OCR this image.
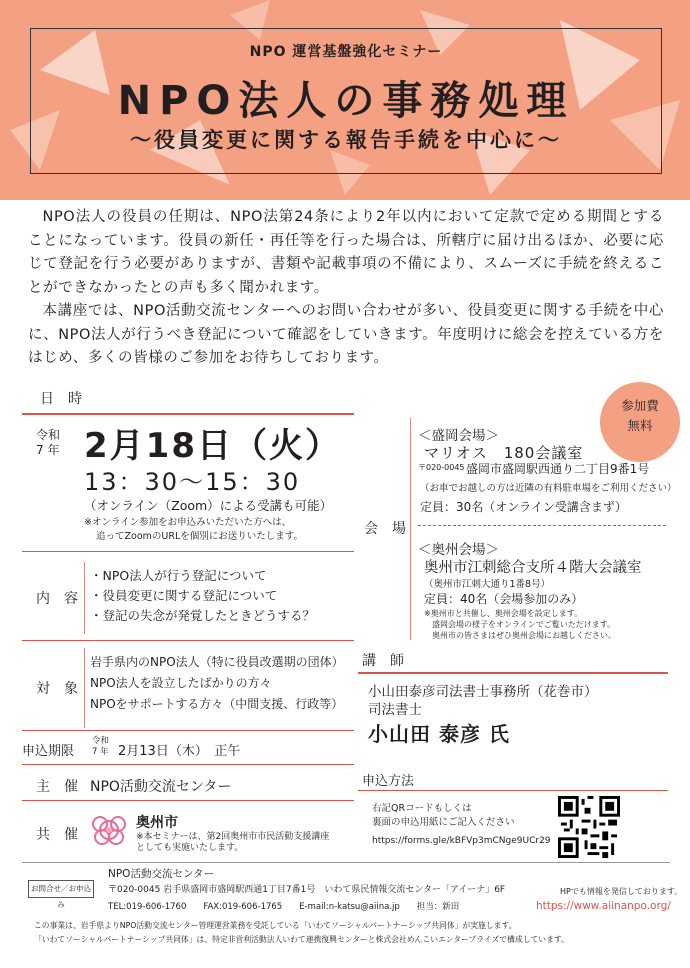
NPO 運営基盤強化セミナー
NPO法人の事務処理
〜役員変更に関する報告手続を中心に〜

NPO法人の役員の任期は、NPO法第24条により2年以内において定款で定める期間とすることになっています。役員の新任・再任等を行った場合は、所轄庁に届け出るほか、必要に応じて登記を行う必要がありますが、書類や記載事項の不備により、スムーズに手続を終えることができなかったとの声も多く聞かれます。

本講座では、NPO活動交流センターへのお問い合わせが多い、役員変更に関する手続を中心に、NPO法人が行うべき登記について確認をしていきます。年度明けに総会を控えている方をはじめ、多くの皆様のご参加をお待ちしております。

日　時
令和
7 年 2月18日（火）
13：30〜15：30
（オンライン（Zoom）による受講も可能）
※オンライン参加をお申込みいただいた方へは、
追ってZoomのURLを個別にお送りいたします。
参加費
無料
内　容
・NPO法人が行う登記について
・役員変更に関する登記について
・登記の失念が発覚したときどうする？
対　象
岩手県内のNPO法人（特に役員改選期の団体）
NPO法人を設立したばかりの方々
NPOをサポートする方々（中間支援、行政等）
申込期限
令和
7 年 2月13日（木）　正午
主　催 NPO活動交流センター
共　催
奥州市
※本セミナーは、第2回奥州市市民活動支援講座
としても実施いたします。
会　場
＜盛岡会場＞
マリオス　180会議室
〒020-0045 盛岡市盛岡駅西通り二丁目9番1号
（お車でお越しの方は近隣の有料駐車場をご利用ください）
定員：30名（オンライン受講含まず）
＜奥州会場＞
奥州市江刺総合支所４階大会議室
（奥州市江刺大通り1番8号）
定員：40名（会場参加のみ）
※奥州市と共催し、奥州会場を設定します。
盛岡会場の様子をオンラインでご覧いただけます。
奥州市の皆さまはぜひ奥州会場にお越しください。
講　師
小山田泰彦司法書士事務所（花巻市）
司法書士
小山田 泰彦 氏
申込方法
右記QRコードもしくは
裏面の申込用紙にご記入ください
https://forms.gle/kBFVp3mCNge9UCr29
お問合せ／お申込み
NPO活動交流センター
〒020-0045 岩手県盛岡市盛岡駅西通1丁目7番1号　いわて県民情報交流センター「アイーナ」6F
TEL:019-606-1760　　FAX:019-606-1765　　E-mail:n-katsu@aiina.jp　　担当：新田
HPでも情報を発信しております。
https://www.aiinanpo.org/
この事業は、岩手県よりNPO活動交流センター管理運営業務を受託している「いわてソーシャルパートナーシップ共同体」が実施します。
「いわてソーシャルパートナーシップ共同体」は、特定非営利活動法人いわて連携復興センターと株式会社めんこいエンタープライズで構成しています。
